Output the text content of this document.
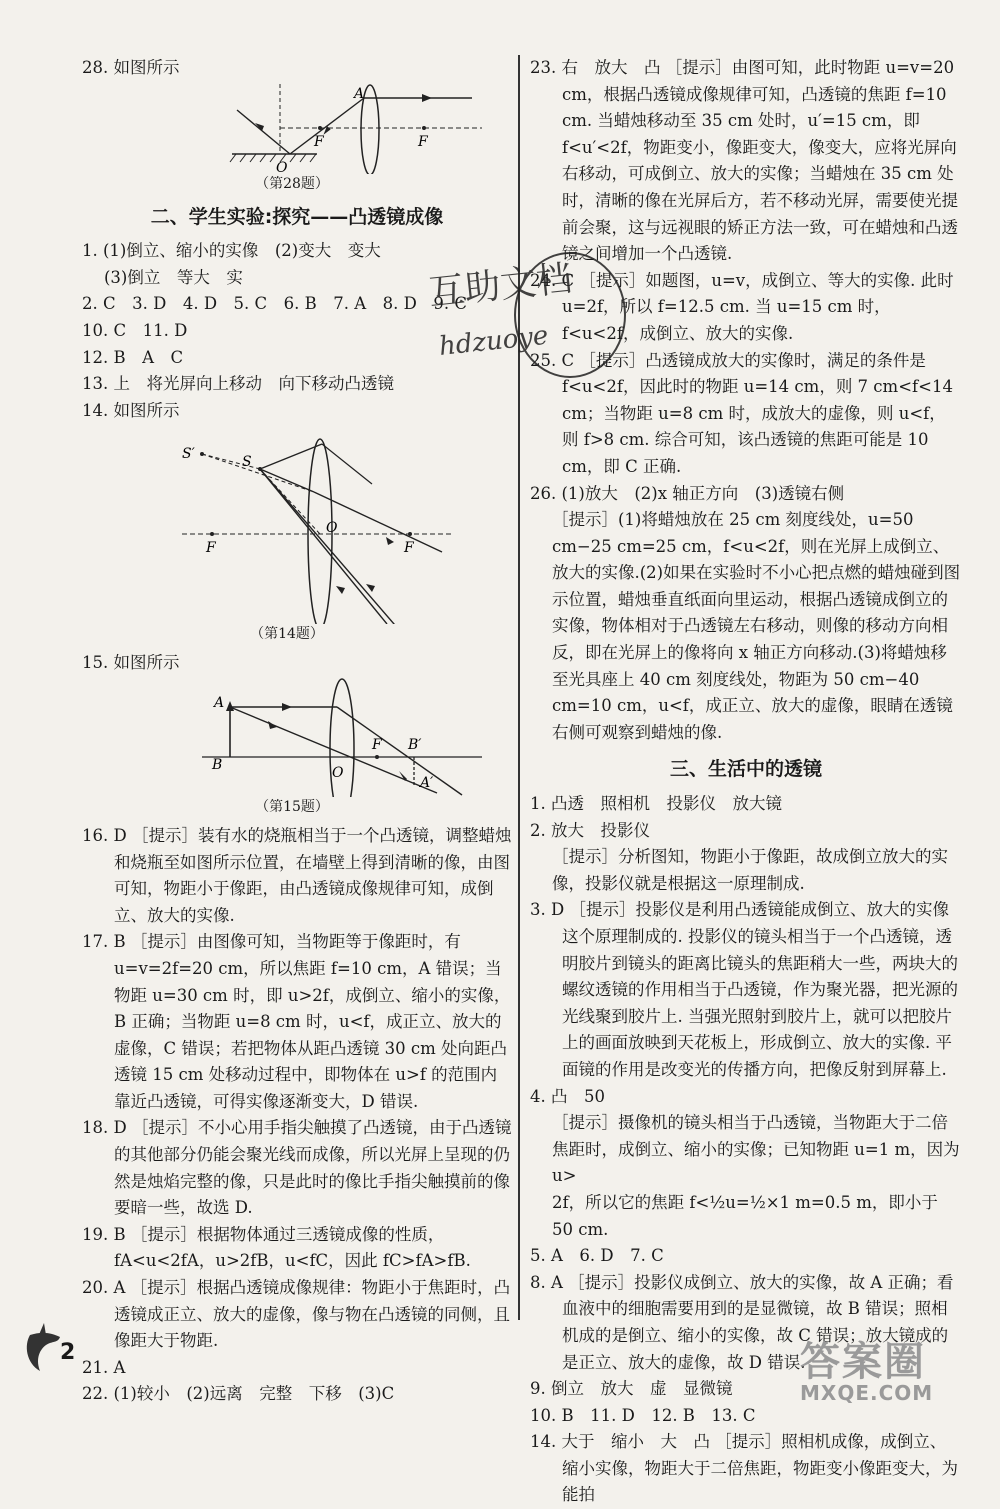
28. 如图所示

A
F	F
O

（第28题）

二、学生实验:探究——凸透镜成像

1. (1)倒立、缩小的实像　(2)变大　变大

(3)倒立　等大　实

2. C　3. D　4. D　5. C　6. B　7. A　8. D　9. C

10. C　11. D

12. B　A　C

13. 上　将光屏向上移动　向下移动凸透镜

14. 如图所示

S′	S
O
F	F

（第14题）

15. 如图所示

A
B	O
F B′
A′

（第15题）

16. D ［提示］装有水的烧瓶相当于一个凸透镜，调整蜡烛和烧瓶至如图所示位置，在墙壁上得到清晰的像，由图可知，物距小于像距，由凸透镜成像规律可知，成倒立、放大的实像.

17. B ［提示］由图像可知，当物距等于像距时，有 u=v=2f=20 cm，所以焦距 f=10 cm，A 错误；当物距 u=30 cm 时，即 u>2f，成倒立、缩小的实像，B 正确；当物距 u=8 cm 时，u<f，成正立、放大的虚像，C 错误；若把物体从距凸透镜 30 cm 处向距凸透镜 15 cm 处移动过程中，即物体在 u>f 的范围内靠近凸透镜，可得实像逐渐变大，D 错误.

18. D ［提示］不小心用手指尖触摸了凸透镜，由于凸透镜的其他部分仍能会聚光线而成像，所以光屏上呈现的仍然是烛焰完整的像，只是此时的像比手指尖触摸前的像要暗一些，故选 D.

19. B ［提示］根据物体通过三透镜成像的性质，fA<u<2fA，u>2fB，u<fC，因此 fC>fA>fB.

20. A ［提示］根据凸透镜成像规律：物距小于焦距时，凸透镜成正立、放大的虚像，像与物在凸透镜的同侧，且像距大于物距.

21. A

22. (1)较小　(2)远离　完整　下移　(3)C

23. 右　放大　凸 ［提示］由图可知，此时物距 u=v=20 cm，根据凸透镜成像规律可知，凸透镜的焦距 f=10 cm. 当蜡烛移动至 35 cm 处时，u′=15 cm，即 f<u′<2f，物距变小，像距变大，像变大，应将光屏向右移动，可成倒立、放大的实像；当蜡烛在 35 cm 处时，清晰的像在光屏后方，若不移动光屏，需要使光提前会聚，这与远视眼的矫正方法一致，可在蜡烛和凸透镜之间增加一个凸透镜.

24. C ［提示］如题图，u=v，成倒立、等大的实像. 此时 u=2f，所以 f=12.5 cm. 当 u=15 cm 时，f<u<2f，成倒立、放大的实像.

25. C ［提示］凸透镜成放大的实像时，满足的条件是 f<u<2f，因此时的物距 u=14 cm，则 7 cm<f<14 cm；当物距 u=8 cm 时，成放大的虚像，则 u<f，则 f>8 cm. 综合可知，该凸透镜的焦距可能是 10 cm，即 C 正确.

26. (1)放大　(2)x 轴正方向　(3)透镜右侧

［提示］(1)将蜡烛放在 25 cm 刻度线处，u=50 cm−25 cm=25 cm，f<u<2f，则在光屏上成倒立、放大的实像.(2)如果在实验时不小心把点燃的蜡烛碰到图示位置，蜡烛垂直纸面向里运动，根据凸透镜成倒立的实像，物体相对于凸透镜左右移动，则像的移动方向相反，即在光屏上的像将向 x 轴正方向移动.(3)将蜡烛移至光具座上 40 cm 刻度线处，物距为 50 cm−40 cm=10 cm，u<f，成正立、放大的虚像，眼睛在透镜右侧可观察到蜡烛的像.

三、生活中的透镜

1. 凸透　照相机　投影仪　放大镜

2. 放大　投影仪

［提示］分析图知，物距小于像距，故成倒立放大的实像，投影仪就是根据这一原理制成.

3. D ［提示］投影仪是利用凸透镜能成倒立、放大的实像这个原理制成的. 投影仪的镜头相当于一个凸透镜，透明胶片到镜头的距离比镜头的焦距稍大一些，两块大的螺纹透镜的作用相当于凸透镜，作为聚光器，把光源的光线聚到胶片上. 当强光照射到胶片上，就可以把胶片上的画面放映到天花板上，形成倒立、放大的实像. 平面镜的作用是改变光的传播方向，把像反射到屏幕上.

4. 凸　50

［提示］摄像机的镜头相当于凸透镜，当物距大于二倍焦距时，成倒立、缩小的实像；已知物距 u=1 m，因为 u>

2f，所以它的焦距 f<½u=½×1 m=0.5 m，即小于 50 cm.

5. A　6. D　7. C

8. A ［提示］投影仪成倒立、放大的实像，故 A 正确；看血液中的细胞需要用到的是显微镜，故 B 错误；照相机成的是倒立、缩小的实像，故 C 错误；放大镜成的是正立、放大的虚像，故 D 错误.

9. 倒立　放大　虚　显微镜

10. B　11. D　12. B　13. C

14. 大于　缩小　大　凸 ［提示］照相机成像，成倒立、缩小实像，物距大于二倍焦距，物距变小像距变大，为能拍

互助文档
hdzuoye
2	答案圈
MXQE.COM
